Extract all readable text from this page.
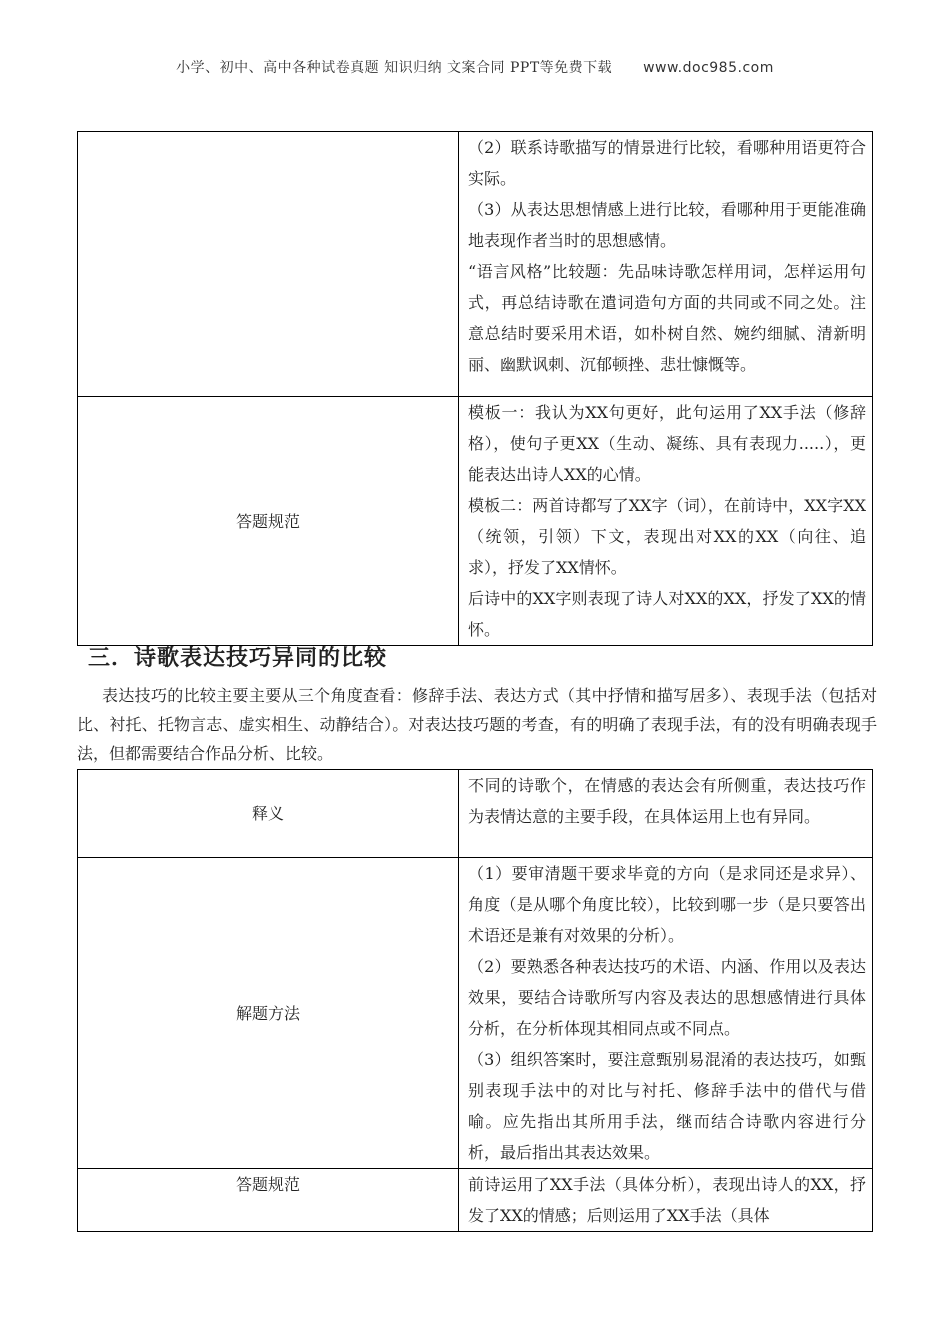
小学、初中、高中各种试卷真题 知识归纳 文案合同 PPT等免费下载 www.doc985.com

	（2）联系诗歌描写的情景进行比较，看哪种用语更符合实际。

（3）从表达思想情感上进行比较，看哪种用于更能准确地表现作者当时的思想感情。

“语言风格”比较题：先品味诗歌怎样用词，怎样运用句式，再总结诗歌在遣词造句方面的共同或不同之处。注意总结时要采用术语，如朴树自然、婉约细腻、清新明丽、幽默讽刺、沉郁顿挫、悲壮慷慨等。

答题规范	模板一：我认为XX句更好，此句运用了XX手法（修辞格），使句子更XX（生动、凝练、具有表现力.....），更能表达出诗人XX的心情。

模板二：两首诗都写了XX字（词），在前诗中，XX字XX（统领，引领）下文，表现出对XX的XX（向往、追求），抒发了XX情怀。

后诗中的XX字则表现了诗人对XX的XX，抒发了XX的情怀。

三．诗歌表达技巧异同的比较

表达技巧的比较主要主要从三个角度查看：修辞手法、表达方式（其中抒情和描写居多）、表现手法（包括对比、衬托、托物言志、虚实相生、动静结合）。对表达技巧题的考查，有的明确了表现手法，有的没有明确表现手法，但都需要结合作品分析、比较。

释义	不同的诗歌个，在情感的表达会有所侧重，表达技巧作为表情达意的主要手段，在具体运用上也有异同。

解题方法	（1）要审清题干要求毕竟的方向（是求同还是求异）、角度（是从哪个角度比较），比较到哪一步（是只要答出术语还是兼有对效果的分析）。

（2）要熟悉各种表达技巧的术语、内涵、作用以及表达效果，要结合诗歌所写内容及表达的思想感情进行具体分析，在分析体现其相同点或不同点。

（3）组织答案时，要注意甄别易混淆的表达技巧，如甄别表现手法中的对比与衬托、修辞手法中的借代与借喻。应先指出其所用手法，继而结合诗歌内容进行分析，最后指出其表达效果。

答题规范	前诗运用了XX手法（具体分析），表现出诗人的XX，抒发了XX的情感；后则运用了XX手法（具体
